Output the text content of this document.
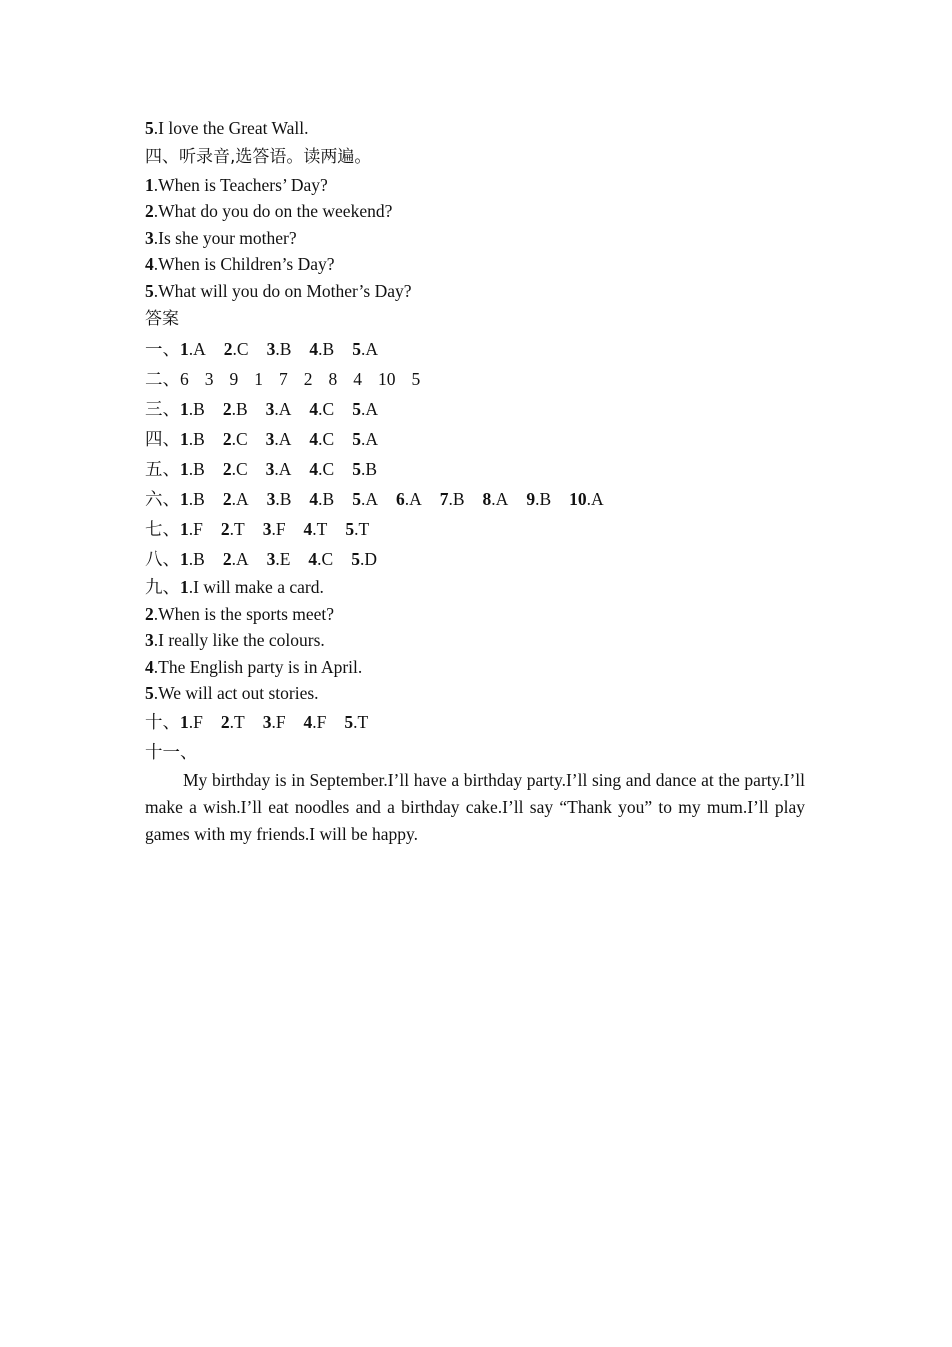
5.I love the Great Wall.
四、听录音,选答语。读两遍。
1.When is Teachers’ Day?
2.What do you do on the weekend?
3.Is she your mother?
4.When is Children’s Day?
5.What will you do on Mother’s Day?
答案
一、1.A 2.C 3.B 4.B 5.A
二、6 3 9 1 7 2 8 4 10 5
三、1.B 2.B 3.A 4.C 5.A
四、1.B 2.C 3.A 4.C 5.A
五、1.B 2.C 3.A 4.C 5.B
六、1.B 2.A 3.B 4.B 5.A 6.A 7.B 8.A 9.B 10.A
七、1.F 2.T 3.F 4.T 5.T
八、1.B 2.A 3.E 4.C 5.D
九、1.I will make a card.
2.When is the sports meet?
3.I really like the colours.
4.The English party is in April.
5.We will act out stories.
十、1.F 2.T 3.F 4.F 5.T
十一、
My birthday is in September.I’ll have a birthday party.I’ll sing and dance at the party.I’ll make a wish.I’ll eat noodles and a birthday cake.I’ll say “Thank you” to my mum.I’ll play games with my friends.I will be happy.
